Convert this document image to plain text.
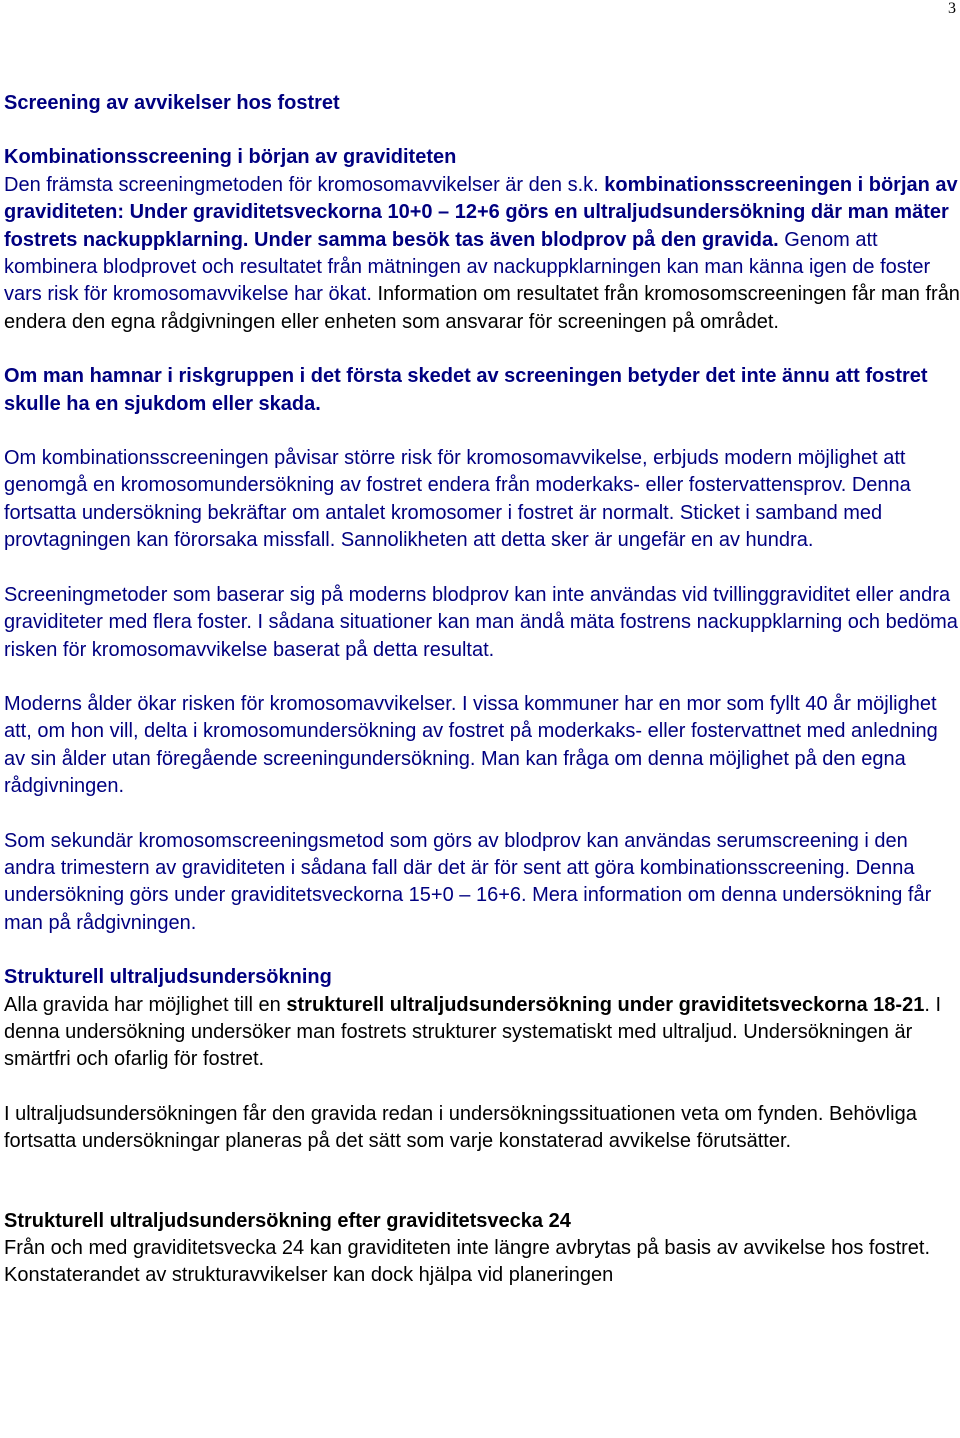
3

Screening av avvikelser hos fostret

Kombinationsscreening i början av graviditeten

Den främsta screeningmetoden för kromosomavvikelser är den s.k. kombinationsscreeningen i början av graviditeten: Under graviditetsveckorna 10+0 – 12+6 görs en ultraljudsundersökning där man mäter fostrets nackuppklarning. Under samma besök tas även blodprov på den gravida. Genom att kombinera blodprovet och resultatet från mätningen av nackuppklarningen kan man känna igen de foster vars risk för kromosomavvikelse har ökat. Information om resultatet från kromosomscreeningen får man från endera den egna rådgivningen eller enheten som ansvarar för screeningen på området.

Om man hamnar i riskgruppen i det första skedet av screeningen betyder det inte ännu att fostret skulle ha en sjukdom eller skada.

Om kombinationsscreeningen påvisar större risk för kromosomavvikelse, erbjuds modern möjlighet att genomgå en kromosomundersökning av fostret endera från moderkaks- eller fostervattensprov. Denna fortsatta undersökning bekräftar om antalet kromosomer i fostret är normalt. Sticket i samband med provtagningen kan förorsaka missfall. Sannolikheten att detta sker är ungefär en av hundra.

Screeningmetoder som baserar sig på moderns blodprov kan inte användas vid tvillinggraviditet eller andra graviditeter med flera foster. I sådana situationer kan man ändå mäta fostrens nackuppklarning och bedöma risken för kromosomavvikelse baserat på detta resultat.

Moderns ålder ökar risken för kromosomavvikelser. I vissa kommuner har en mor som fyllt 40 år möjlighet att, om hon vill, delta i kromosomundersökning av fostret på moderkaks- eller fostervattnet med anledning av sin ålder utan föregående screeningundersökning. Man kan fråga om denna möjlighet på den egna rådgivningen.

Som sekundär kromosomscreeningsmetod som görs av blodprov kan användas serumscreening i den andra trimestern av graviditeten i sådana fall där det är för sent att göra kombinationsscreening. Denna undersökning görs under graviditetsveckorna 15+0 – 16+6. Mera information om denna undersökning får man på rådgivningen.

Strukturell ultraljudsundersökning

Alla gravida har möjlighet till en strukturell ultraljudsundersökning under graviditetsveckorna 18-21. I denna undersökning undersöker man fostrets strukturer systematiskt med ultraljud. Undersökningen är smärtfri och ofarlig för fostret.

I ultraljudsundersökningen får den gravida redan i undersökningssituationen veta om fynden. Behövliga fortsatta undersökningar planeras på det sätt som varje konstaterad avvikelse förutsätter.

Strukturell ultraljudsundersökning efter graviditetsvecka 24

Från och med graviditetsvecka 24 kan graviditeten inte längre avbrytas på basis av avvikelse hos fostret. Konstaterandet av strukturavvikelser kan dock hjälpa vid planeringen
